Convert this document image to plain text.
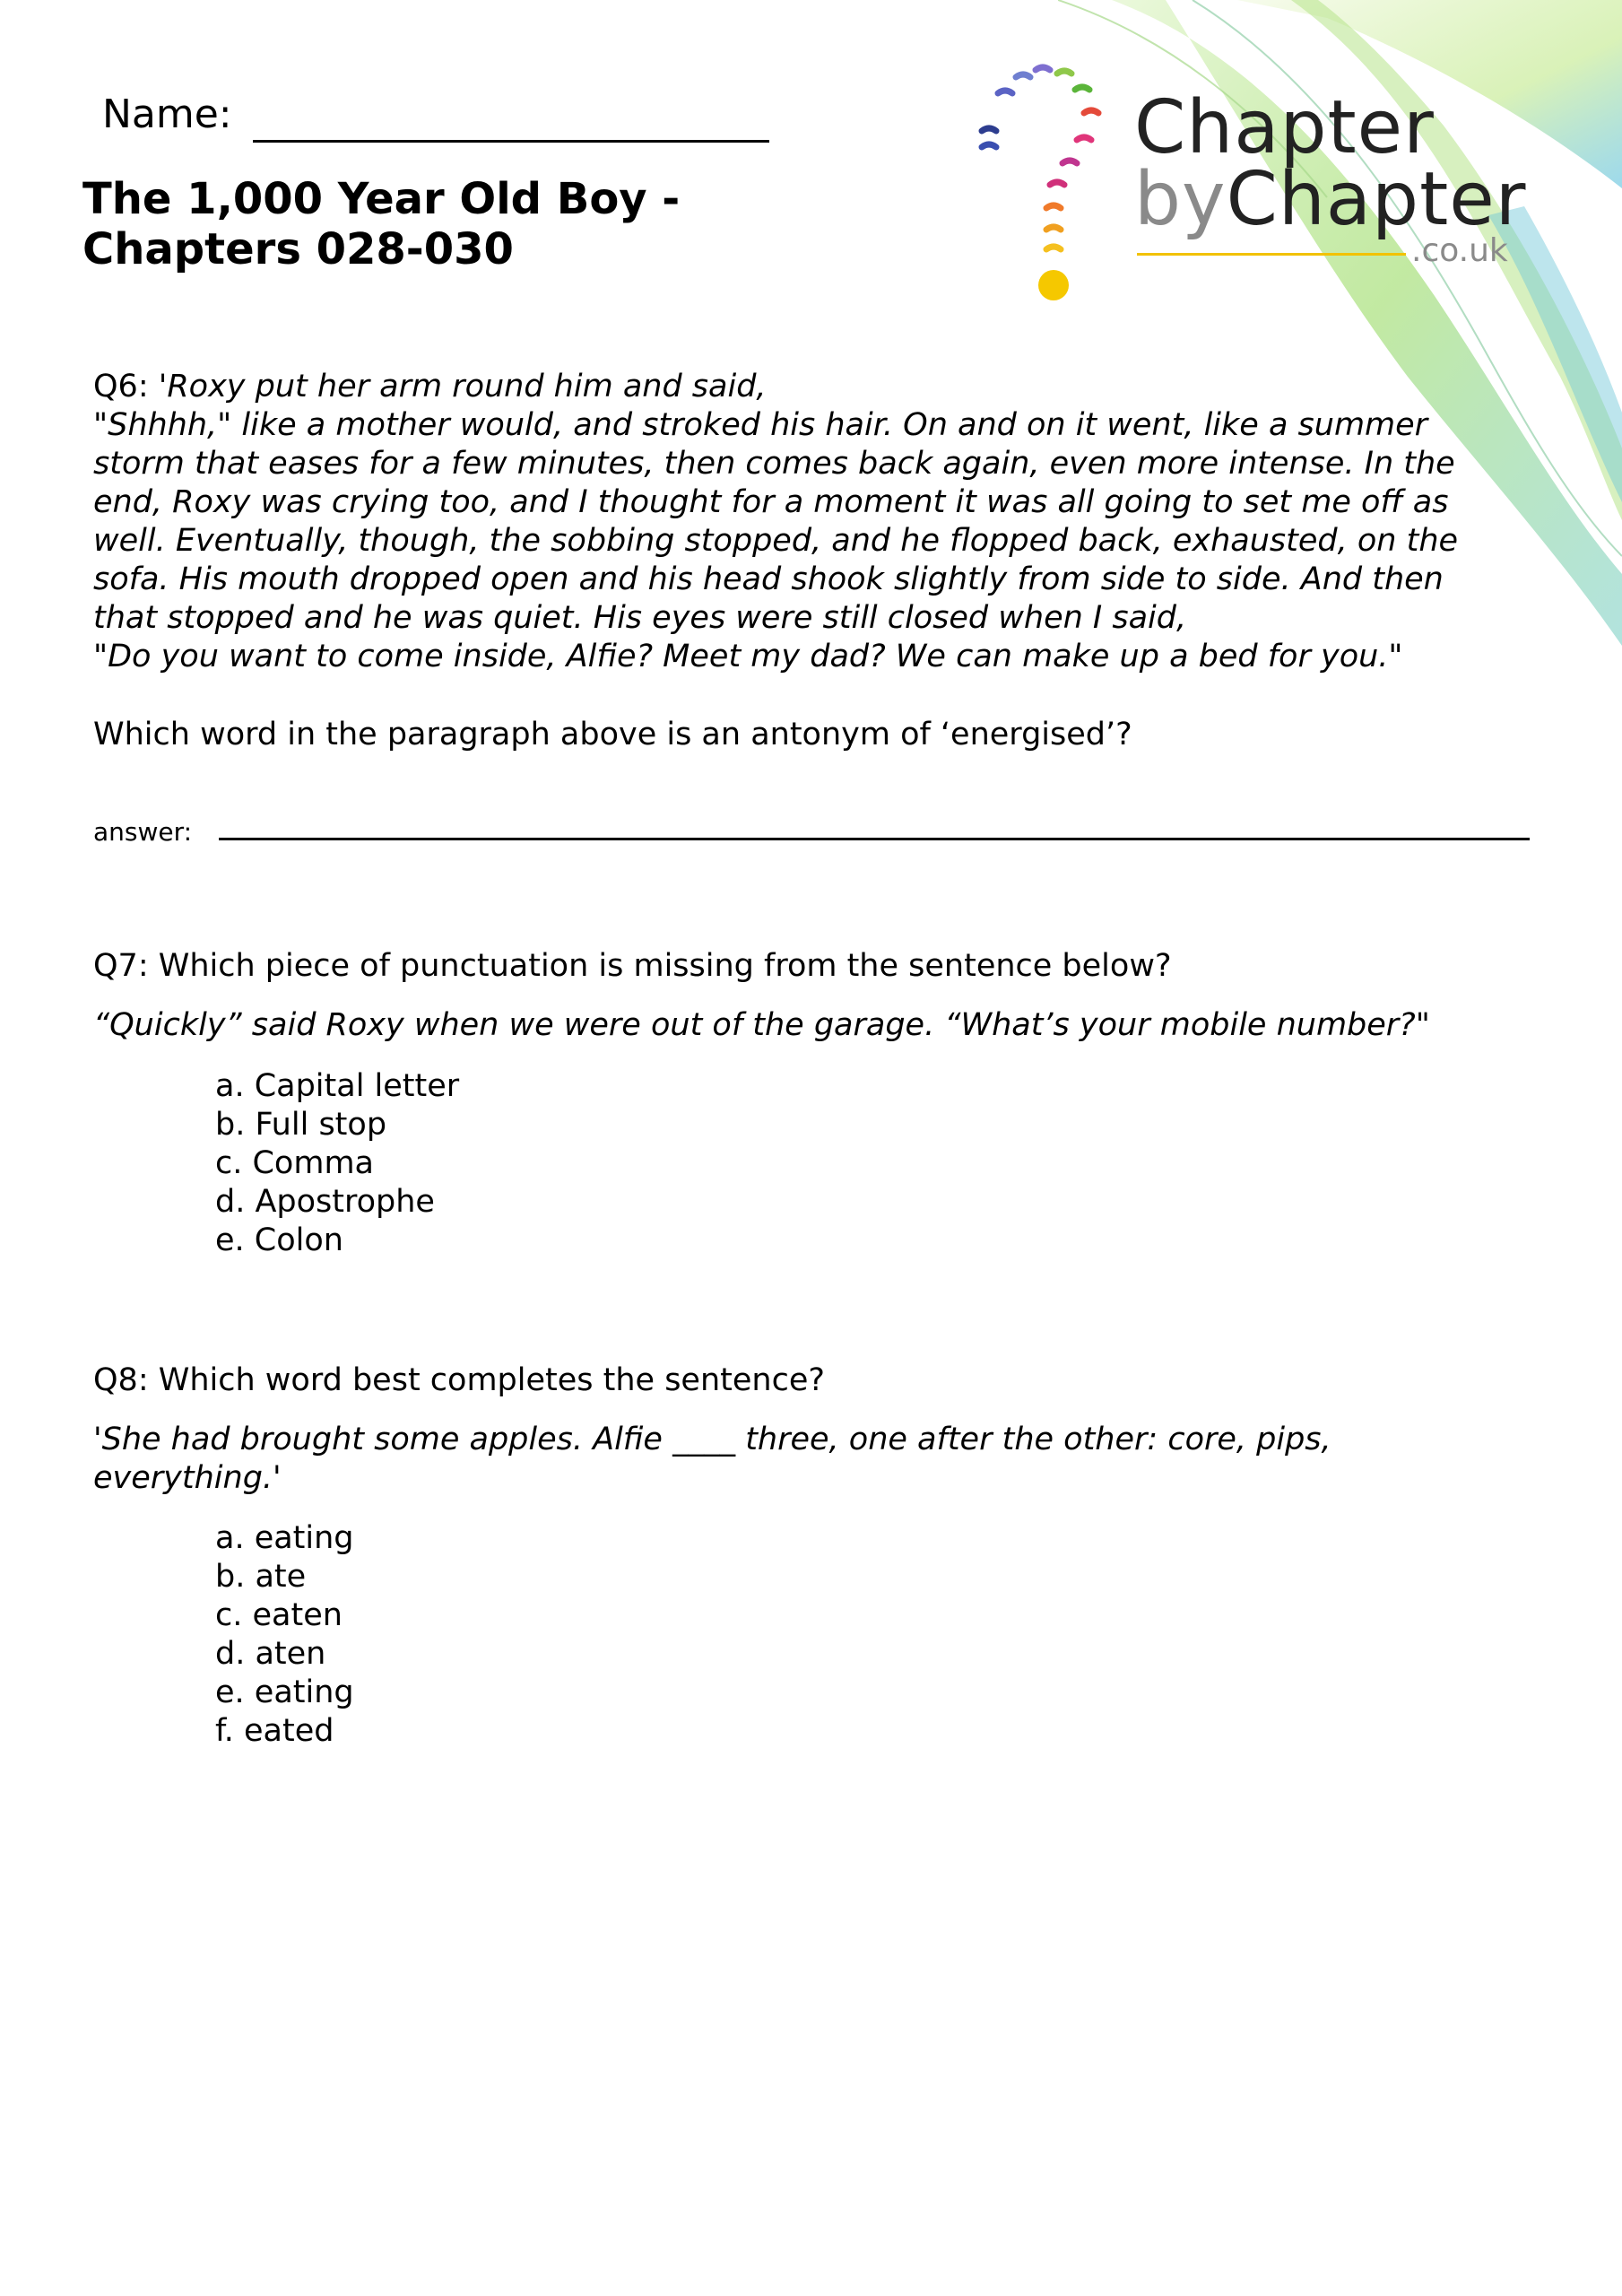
Name:
The 1,000 Year Old Boy -
Chapters 028-030
Chapter
byChapter
.co.uk
Q6: 'Roxy put her arm round him and said,
"Shhhh," like a mother would, and stroked his hair. On and on it went, like a summer
storm that eases for a few minutes, then comes back again, even more intense. In the
end, Roxy was crying too, and I thought for a moment it was all going to set me off as
well. Eventually, though, the sobbing stopped, and he flopped back, exhausted, on the
sofa. His mouth dropped open and his head shook slightly from side to side. And then
that stopped and he was quiet. His eyes were still closed when I said,
"Do you want to come inside, Alfie? Meet my dad? We can make up a bed for you."
Which word in the paragraph above is an antonym of ‘energised’?
answer:
Q7: Which piece of punctuation is missing from the sentence below?
“Quickly” said Roxy when we were out of the garage. “What’s your mobile number?"
a. Capital letter
b. Full stop
c. Comma
d. Apostrophe
e. Colon
Q8: Which word best completes the sentence?
'She had brought some apples. Alfie ____ three, one after the other: core, pips, everything.'
a. eating
b. ate
c. eaten
d. aten
e. eating
f. eated
